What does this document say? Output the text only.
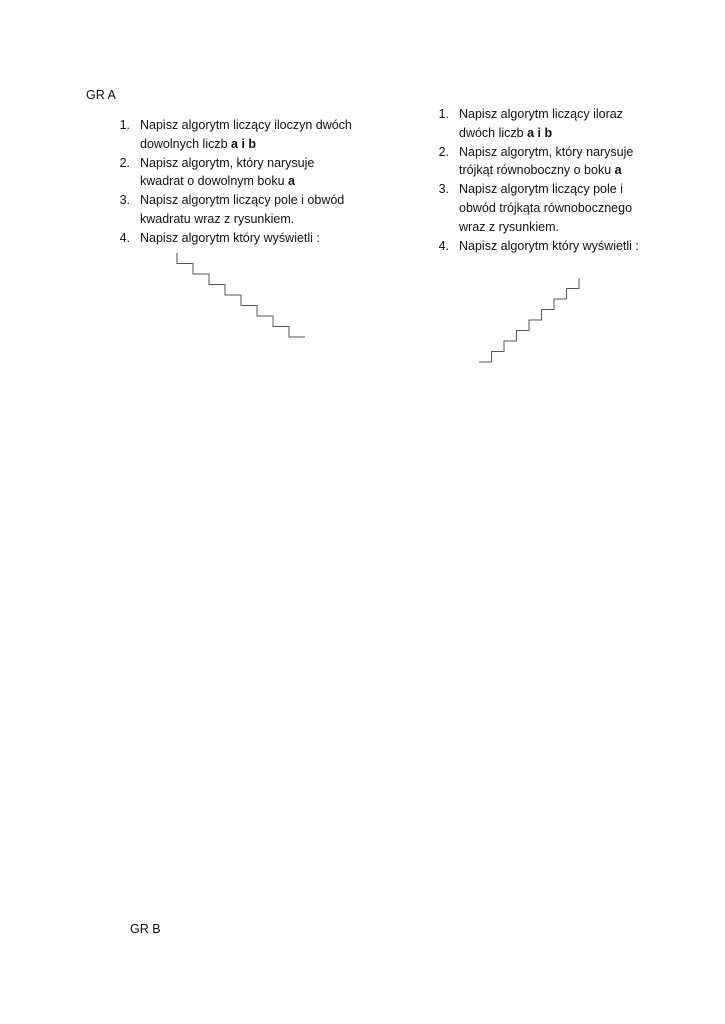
GR A
1. Napisz algorytm liczący iloczyn dwóch
dowolnych liczb a i b
2. Napisz algorytm, który narysuje
kwadrat o dowolnym boku a
3. Napisz algorytm liczący pole i obwód
kwadratu wraz z rysunkiem.
4. Napisz algorytm który wyświetli :
1. Napisz algorytm liczący iloraz
dwóch liczb a i b
2. Napisz algorytm, który narysuje
trójkąt równoboczny o boku a
3. Napisz algorytm liczący pole i
obwód trójkąta równobocznego
wraz z rysunkiem.
4. Napisz algorytm który wyświetli :
GR B
